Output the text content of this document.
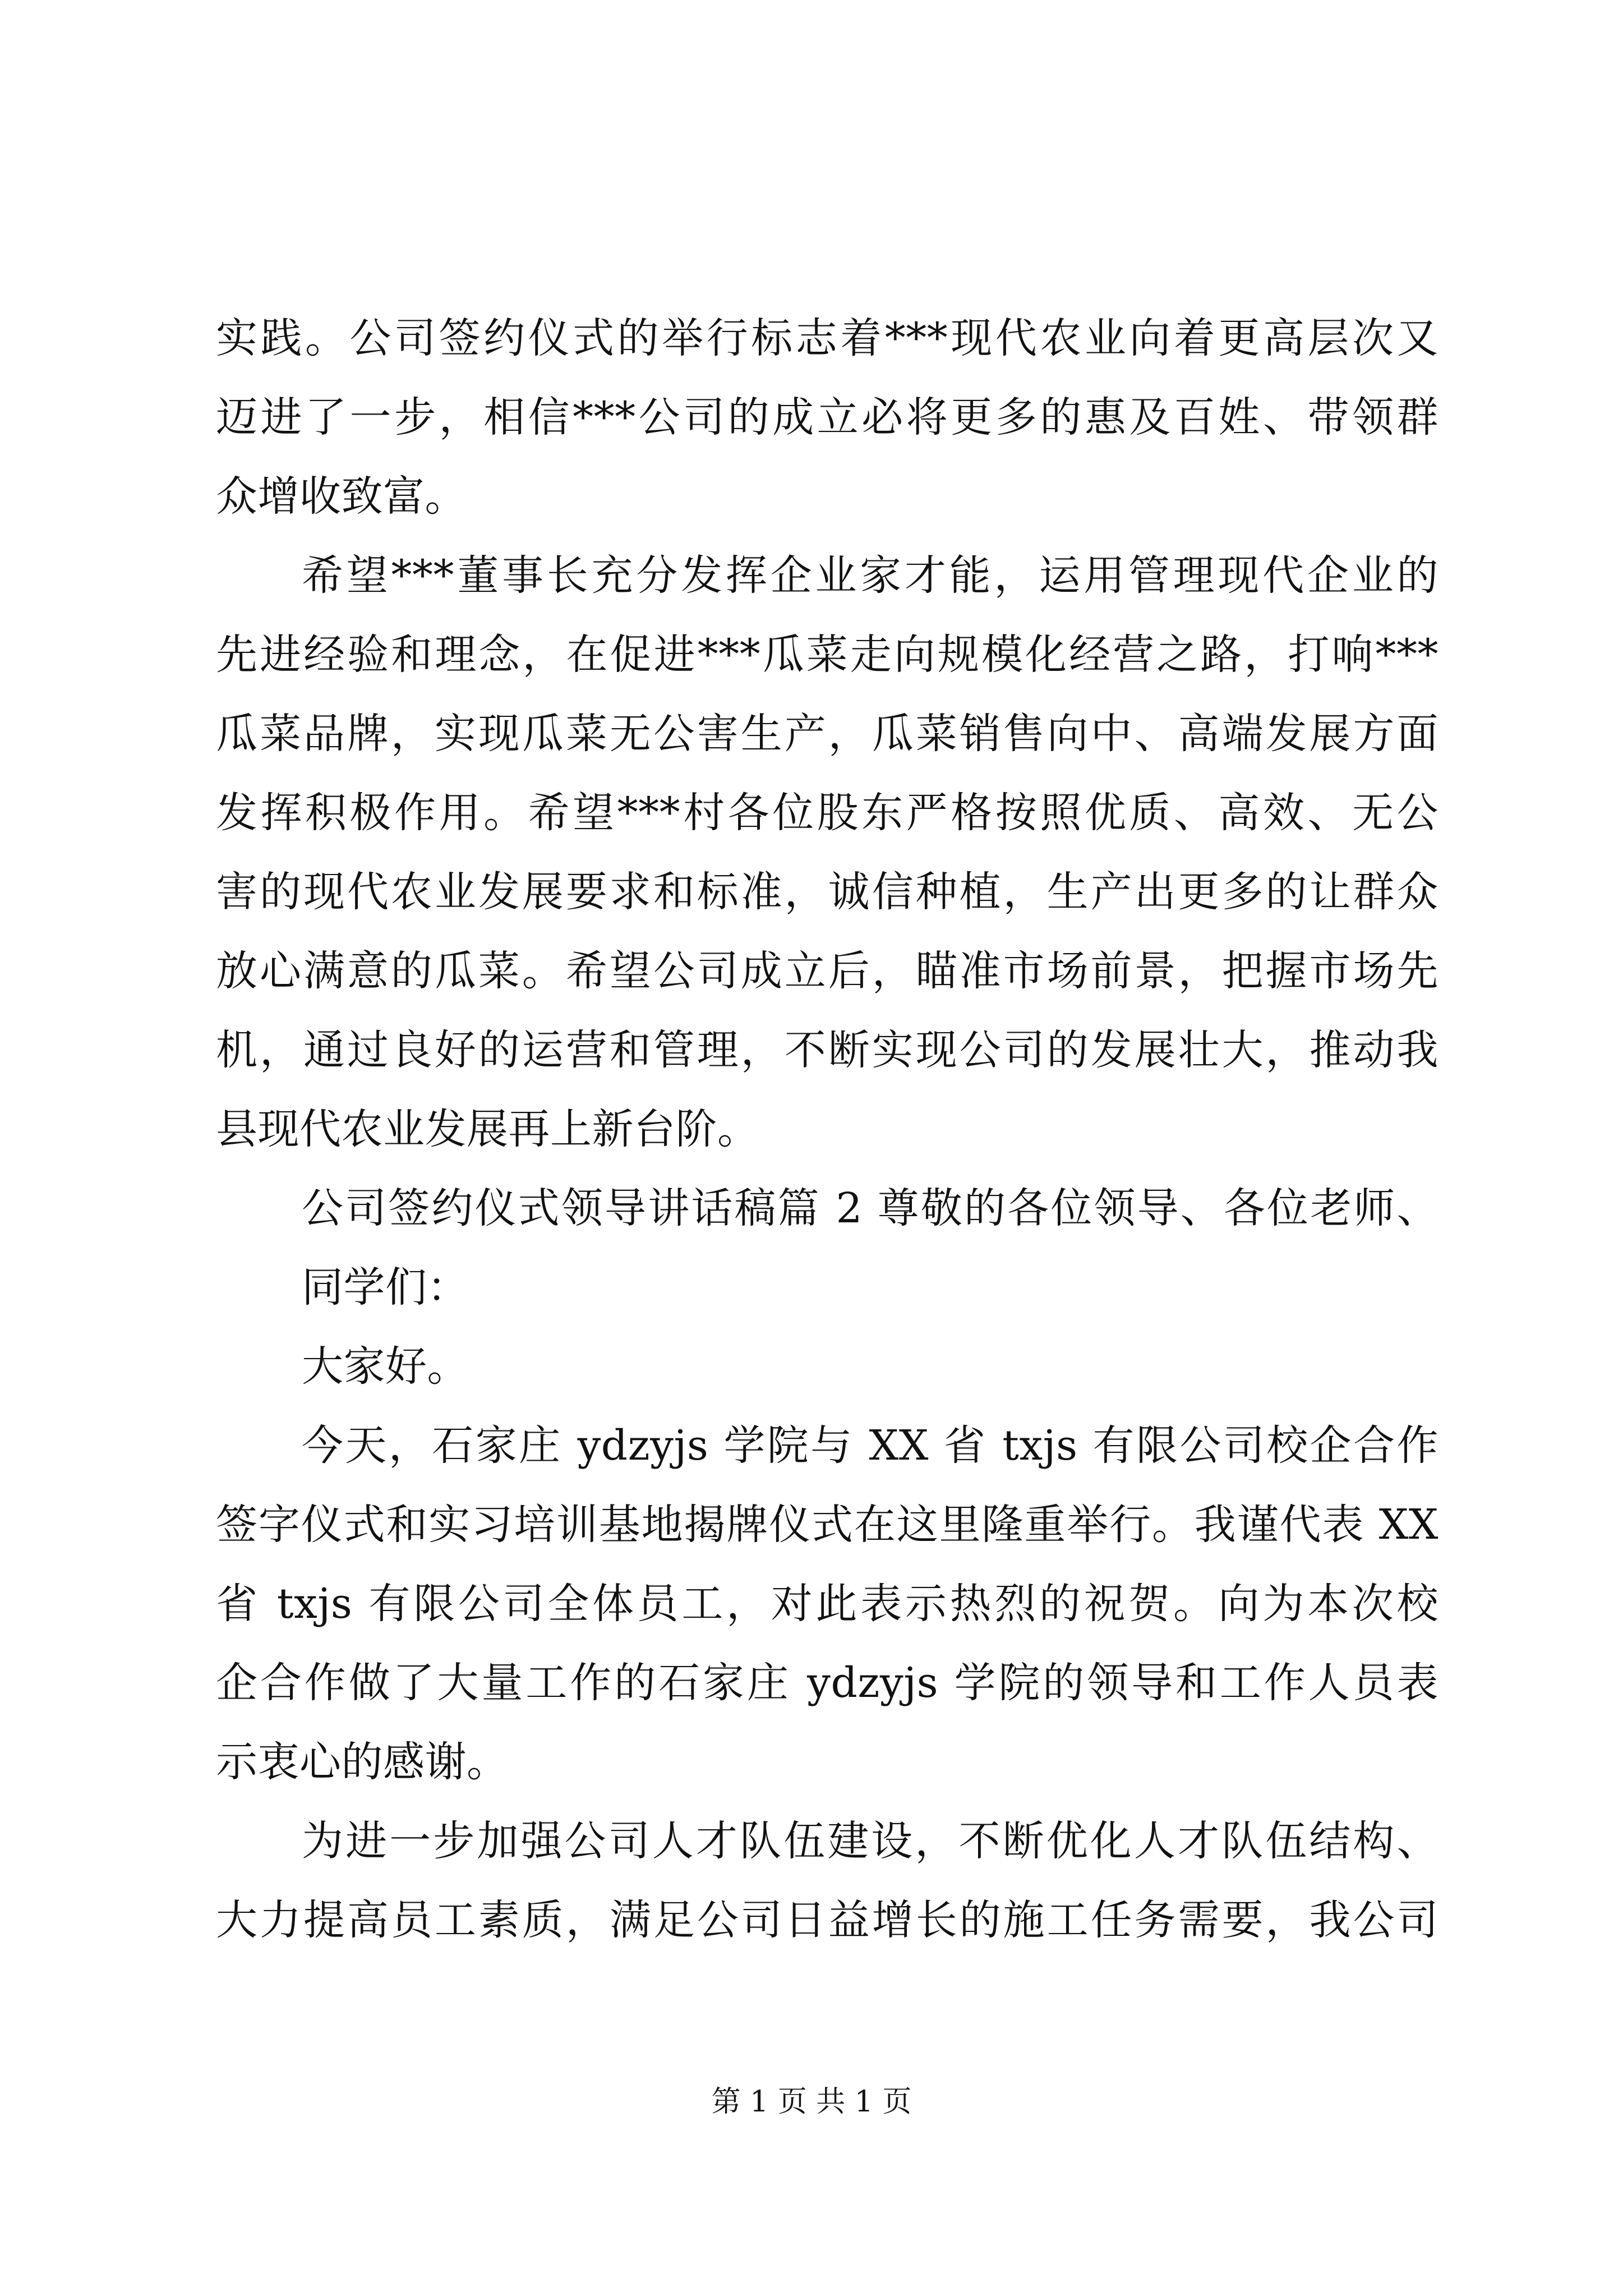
实践。公司签约仪式的举行标志着***现代农业向着更高层次又
迈进了一步，相信***公司的成立必将更多的惠及百姓、带领群
众增收致富。
希望***董事长充分发挥企业家才能，运用管理现代企业的
先进经验和理念，在促进***瓜菜走向规模化经营之路，打响***
瓜菜品牌，实现瓜菜无公害生产，瓜菜销售向中、高端发展方面
发挥积极作用。希望***村各位股东严格按照优质、高效、无公
害的现代农业发展要求和标准，诚信种植，生产出更多的让群众
放心满意的瓜菜。希望公司成立后，瞄准市场前景，把握市场先
机，通过良好的运营和管理，不断实现公司的发展壮大，推动我
县现代农业发展再上新台阶。
公司签约仪式领导讲话稿篇 2 尊敬的各位领导、各位老师、
同学们：
大家好。
今天，石家庄 ydzyjs 学院与 XX 省 txjs 有限公司校企合作
签字仪式和实习培训基地揭牌仪式在这里隆重举行。我谨代表 XX
省 txjs 有限公司全体员工，对此表示热烈的祝贺。向为本次校
企合作做了大量工作的石家庄 ydzyjs 学院的领导和工作人员表
示衷心的感谢。
为进一步加强公司人才队伍建设，不断优化人才队伍结构、
大力提高员工素质，满足公司日益增长的施工任务需要，我公司
第 1 页 共 1 页
